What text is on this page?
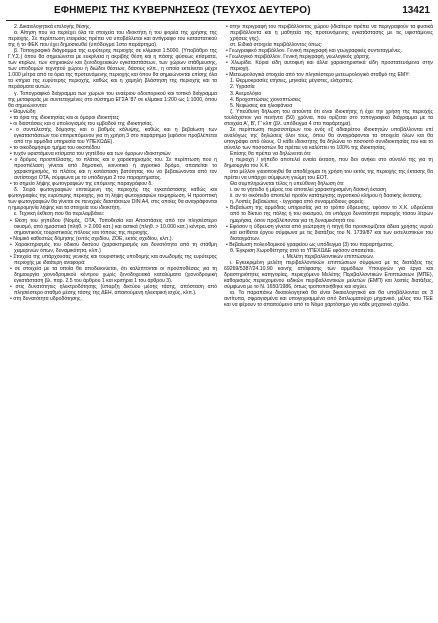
ΕΦΗΜΕΡΙΣ ΤΗΣ ΚΥΒΕΡΝΗΣΕΩΣ (ΤΕΥΧΟΣ ΔΕΥΤΕΡΟ)	13421

2. Δικαιολογητικά επιλογής θέσης.

α. Αίτηση που να περιέχει όλα τα στοιχεία του ιδιοκτήτη ή του φορέα της χρήσης της περιοχής. Σε περίπτωση εταιρείας πρέπει να υποβάλλεται και αντίγραφο του καταστατικού της ή το ΦΕΚ που έχει δημοσιευθεί (υπόδειγμα 1στο παράρτημα).

β. Τοπογραφικό διάγραμμα της ευρύτερης περιοχής σε κλίμακα 1:5000. (Υποβάθρο της Γ.Υ.Σ.) όπου θα σημειώνεται με ευκρίνεια η ακριβής θέση και η πάσης φύσεως κτίσματα, των κτιρίων, των κτηριακών και ξενοδοχειακών εγκαταστάσεων, των χώρων στάθμευσης, των υποδομών τεχνητού χώρου ή διώδοι θέσεων, δάσους κλπ., η οποία εκτείνεται μέχρι 1.000 μέτρα από τα όρια της προτεινόμενης περιοχής και όπου θα σημειώνονται επίσης όλα τα κτήρια της ευρύτερης περιοχής, καθώς και η χαμηλή βλάστηση της περιοχής και τα περάσματα αυτών.

γ. Τοπογραφικό διάγραμμα των χώρων του εναέριου οδοιπορικού και τοπικό διάγραμμα της μεταφοράς με συντεταγμένες στο σύστημα ΕΓΣΑ '87 σε κλίμακα 1:200 ως 1:1000, όπου θα σημειώνονται:

• Θαμνώδη

• τα όρια της ιδιοκτησίας και οι όμοροι ιδιοκτήτες

• οι διαστάσεις και ο υπολογισμός του εμβαδού της ιδιοκτησίας.

• ο συντελεστής δόμησης και ο βαθμός κάλυψης, καθώς και η βεβαίωση των εγκαταστάσεων του επιτρεπόμενου για τη χρήση 3 στο παράρτημα (εφόσον προβλέπεται από την αρμόδια υπηρεσία του ΥΠΕΧΩΔΕ).

• το οικοδομήσιμο τμήμα του οικοπέδου

• τυχόν υφιστάμενα κτίσματα του γηπέδου και των όμορων ιδιοκτησιών

• ο δρόμος προσπέλασης, το πλάτος και ο χαρακτηρισμός του. Σε περίπτωση που η προσπέλαση γίνεται από δημοτικό, κοινοτικό ή αγροτικό δρόμο, απαιτείται το χαρακτηρισμός, το πλάτος και η κατάσταση βατότητας του να βεβαιώνονται από τον αντίστοιχο ΟΤΑ, σύμφωνα με το υπόδειγμα 2 του παραρτήματος.

• το σημείο λήψης φωτογραφιών της επόμενης παραγράφου δ.

δ. Σειρά φωτογραφιών επιτεύμενη της περιοχής της εγκατάστασης καθώς και φωτογραφίες της ευρύτερης περιοχής, για τη λήψη φωτογραφιών τεκμηρίωση. Η προοπτική των φωτογραφιών θα γίνεται σε πενιχρές διαστάσεων DIN A4, στις οποίες θα αναγράφονται η ημερομηνία λήψης και τα στοιχεία του ιδιοκτήτη.

ε. Τεχνική έκθεση που θα περιλαμβάνει:

• Θέση του γηπέδου (Νομός, ΟΤΑ, Τοποθεσία και Αποστάσεις από τον πλησιέστερο οικισμό, από ημιαστικά (πληθ. > 2.000 κατ.) και αστικά (πληθ. > 10.000 κατ.) κέντρα, από σημαντικούς τουριστικούς πόλους και τόπους της περιοχής.

• Νομικό καθεστώς δόμησης (εντός σχεδίου, ΖΟΕ, εκτός σχεδίου, κλπ.).

• Χαρακτηρισμός του οδικού δικτύου (χαρακτηρισμός και δυνατότητα από τη στάθμη χειμερινών όπων, δυναμικότητα, κλπ.)

• Στοιχεία της υπάρχουσας γενικής και τουριστικής υποδομής και ανωδομής της ευρύτερης περιοχής με ιδιαίτερη αναφορά:

• σε στοιχεία με τα οποία θα αποδεικνύεται, ότι καλύπτονται οι προϋποθέσεις για τη δημιουργία χιονοδρομικού κέντρου χωρίς ξενοδοχειακά καταλύματα (χιονοδρομική εγκατάσταση βλ. παρ. 2.5 του άρθρου 1 και κριτήρια 1 του άρθρου 3).

• στις δυνατότητες ηλεκτροδότησης (ύπαρξη δικτύου μέσης τάσης, απόσταση από πλησιέστερο σταθμό μέσης τάσης της ΔΕΗ, απαιτούμενη ηλεκτρική ισχύς, κλπ.).

• στη δυνατότητα υδροδότησης.

• στην περιγραφή του περιβάλλοντος χώρου (ιδιαίτερο πρέπει να περιγραφούν τα φυσικά περιβάλλοντα και η μαθητεία της προτεινόμενης εγκατάστασης με τις υφιστάμενες χρήσεις γης).

στ. Ειδικά στοιχεία περιβάλλοντος όπως:

• Γεωγραφικό περιβάλλον. Γενική περιγραφή και γεωγραφικές συντεταγμένες.

• Γεωλογικό περιβάλλον. Γενική περιγραφή, γεωλογικός χάρτης.

• Χλωρίδα. Κύρια είδη αυτοφυή και άλλα χαρακτηριστικά είδη προστατευόμενα στην περιοχή.

• Μετεωρολογικά στοιχεία από τον πλησιέστερο μετεωρολογικό σταθμό της ΕΜΥ:

1. Θερμοκρασίες ετήσιες, μηνιαίες μέγιστες, ελάχιστες.

2. Υγρασία

3. Ανεμολόγιο

4. Βροχοπτώσεις χιονοπτώσεις

5. Νεφώσεις και ηλιοφάνεια

ζ. Υπεύθυνη δήλωση του αιτούντα ότι είναι ιδιοκτήτης ή έχει την χρήση της περιοχής τουλάχιστον για πενήντα (50) χρόνια, που ορίζεται στο τοπογραφικό διάγραμμα με τα στοιχεία Α', Β', Γ' κλπ (βλ. υπόδειγμα 4 στο παράρτημα).

Σε περίπτωση περισσοτέρων του ενός εξ αδιαιρέτου ιδιοκτητών υποβάλλονται επί αναλόγως της δηλώσεις όλοι τους, όπου θα αναγράφονται τα στοιχεία όλων και θα υπογράφει από όλους. Ο κάθε ιδιοκτήτης θα δηλώνει το ποσοστό συνιδιοκτησίας του και το σύνολο των ποσοστών θα πρέπει να καλύπτει το 100% της ιδιοκτησίας.

Επίσης θα πρέπει να δηλώνεται ότι:

η περιοχή / γήπεδο αποτελεί ενιαία έκταση, που δεν ανήκει στο σύνολό της για τη δημιουργία του Χ.Κ.

στο μέλλον γιαιοποιηθεί θα αποδέχομαι τη χρήση του εκτός της περιοχής της έκτασης θα πρέπει να υπάρχει σύμφωνη γνώμη του ΕΟΤ.

Θα συμπληρώνεται τέλος η υπεύθυνη δήλωση ότι:

i. αν το γήπεδο ή μέρος του αποτελεί χαρακτηρισμένη δασική έκταση

ii. αν το οικόπεδο αποτελεί προϊόν κατάτμησης αγροτικού κλήρου ή δασικής έκτασης.

η. Λοιπές βεβαιώσεις - έγγραφα από συναρμόδιους φορείς:

• Βεβαίωση της αρμόδιας υπηρεσίας για το τρόπο ύδρευσης, εφόσον το Χ.Κ. υδρεύεται από το δίκτυο της πόλης ή του οικισμού, ότι υπάρχει δυνατότητα παροχής τόσου λίτρων ημερήσια, όσον προβλέπονται για τη δυναμικότητά του.

• Εφόσον η ύδρευση γίνεται από γεώτρηση ή πηγή θα προσκομίζεται άδεια χρήσης νερού και εκτίθεται έργου σύμφωνα με τις διατάξεις του Ν. 1739/87 και των εκτελεστικών του διαταγμάτων.

• Βεβαίωση πολεοδομικού γραφείου ως υπόδειγμα (3) του παραρτήματος.

θ. Έγκριση Χωροθέτησης από το ΥΠΕΧΩΔΕ εφόσον απαιτείται.

ι. Μελέτη περιβαλλοντικών επιπτώσεων.

ι. Εγκεκριμένη μελέτη περιβαλλοντικών επιπτώσεων σύμφωνα με τις διατάξεις της 69269/5387/24.10.90 κοινής απόφασης των αρμόδιων Υπουργών για έργα και δραστηριότητες κατηγορίας, περιεχόμενο Μελέτης Περιβαλλοντικών Επιπτώσεων (ΜΠΕ), καθορισμός περιεχομένου ειδικών περιβαλλοντικών μελετών (ΕΜΠ) και λοιπές διατάξεις, σύμφωνα με το Ν. 1650/1986, όπως τροποποιήθηκε και ισχύει.

ια. Τα παραπάνω δικαιολογητικά θα είναι δικαιολογητικά και θα υποβάλλονται σε 3 αντίτυπα, σφραγισμένα και υπογεγραμμένα από διπλωματούχο μηχανικό, μέλος του ΤΕΕ και να φέρουν το απαιτούμενο από το Νόμο χαρτόσημο για κάθε μηχανικό σχέδιο.
